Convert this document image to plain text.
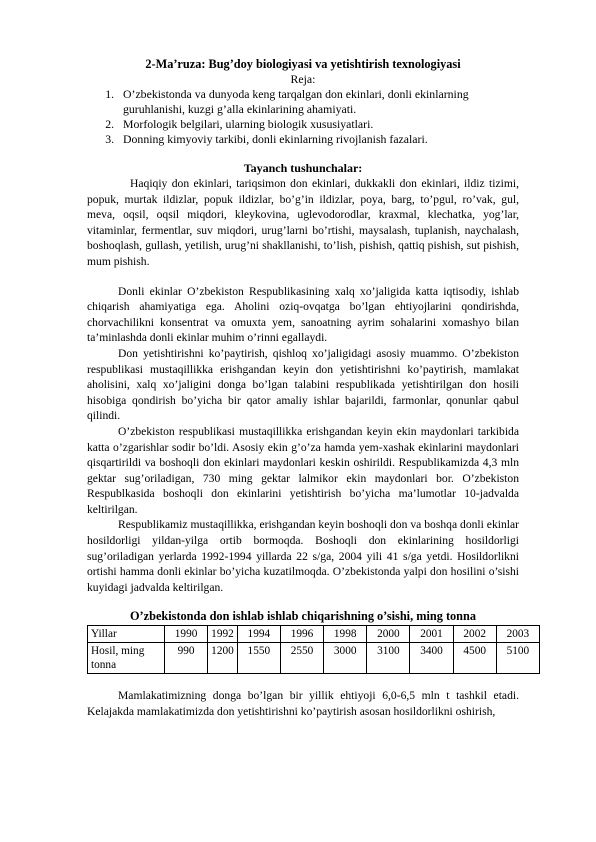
2-Ma’ruza: Bug’doy biologiyasi va yetishtirish texnologiyasi
Reja:
1. O’zbekistonda va dunyoda keng tarqalgan don ekinlari, donli ekinlarning guruhlanishi, kuzgi g’alla ekinlarining ahamiyati.
2. Morfologik belgilari, ularning biologik xususiyatlari.
3. Donning kimyoviy tarkibi, donli ekinlarning rivojlanish fazalari.
Tayanch tushunchalar:

Haqiqiy don ekinlari, tariqsimon don ekinlari, dukkakli don ekinlari, ildiz tizimi, popuk, murtak ildizlar, popuk ildizlar, bo’g’in ildizlar, poya, barg, to’pgul, ro’vak, gul, meva, oqsil, oqsil miqdori, kleykovina, uglevodorodlar, kraxmal, klechatka, yog’lar, vitaminlar, fermentlar, suv miqdori, urug’larni bo’rtishi, maysalash, tuplanish, naychalash, boshoqlash, gullash, yetilish, urug’ni shakllanishi, to’lish, pishish, qattiq pishish, sut pishish, mum pishish.

Donli ekinlar O’zbekiston Respublikasining xalq xo’jaligida katta iqtisodiy, ishlab chiqarish ahamiyatiga ega. Aholini oziq-ovqatga bo’lgan ehtiyojlarini qondirishda, chorvachilikni konsentrat va omuxta yem, sanoatning ayrim sohalarini xomashyo bilan ta’minlashda donli ekinlar muhim o’rinni egallaydi.

Don yetishtirishni ko’paytirish, qishloq xo’jaligidagi asosiy muammo. O’zbekiston respublikasi mustaqillikka erishgandan keyin don yetishtirishni ko’paytirish, mamlakat aholisini, xalq xo’jaligini donga bo’lgan talabini respublikada yetishtirilgan don hosili hisobiga qondirish bo’yicha bir qator amaliy ishlar bajarildi, farmonlar, qonunlar qabul qilindi.

O’zbekiston respublikasi mustaqillikka erishgandan keyin ekin maydonlari tarkibida katta o’zgarishlar sodir bo’ldi. Asosiy ekin g’o’za hamda yem-xashak ekinlarini maydonlari qisqartirildi va boshoqli don ekinlari maydonlari keskin oshirildi. Respublikamizda 4,3 mln gektar sug’oriladigan, 730 ming gektar lalmikor ekin maydonlari bor. O’zbekiston Respublkasida boshoqli don ekinlarini yetishtirish bo’yicha ma’lumotlar 10-jadvalda keltirilgan.

Respublikamiz mustaqillikka, erishgandan keyin boshoqli don va boshqa donli ekinlar hosildorligi yildan-yilga ortib bormoqda. Boshoqli don ekinlarining hosildorligi sug’oriladigan yerlarda 1992-1994 yillarda 22 s/ga, 2004 yili 41 s/ga yetdi. Hosildorlikni ortishi hamma donli ekinlar bo’yicha kuzatilmoqda. O’zbekistonda yalpi don hosilini o’sishi kuyidagi jadvalda keltirilgan.

O’zbekistonda don ishlab ishlab chiqarishning o’sishi, ming tonna
Yillar	1990	1992	1994	1996	1998	2000	2001	2002	2003
Hosil, ming tonna	990	1200	1550	2550	3000	3100	3400	4500	5100

Mamlakatimizning donga bo’lgan bir yillik ehtiyoji 6,0-6,5 mln t tashkil etadi. Kelajakda mamlakatimizda don yetishtirishni ko’paytirish asosan hosildorlikni oshirish,
